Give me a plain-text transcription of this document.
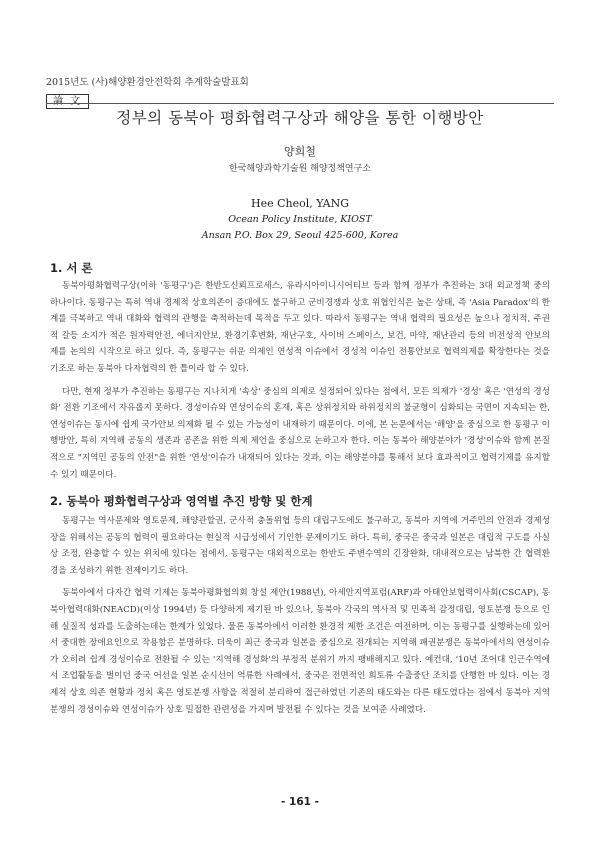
2015년도 (사)해양환경안전학회 추계학술발표회
論 文
정부의 동북아 평화협력구상과 해양을 통한 이행방안
양희철
한국해양과학기술원 해양정책연구소
Hee Cheol, YANG
Ocean Policy Institute, KIOST
Ansan P.O. Box 29, Seoul 425-600, Korea
1. 서 론

동북아평화협력구상(이하 '동평구')은 한반도신뢰프로세스, 유라시아이니시어티브 등과 함께 정부가 추진하는 3대 외교정책 중의 하나이다. 동평구는 특히 역내 경제적 상호의존이 증대에도 불구하고 군비경쟁과 상호 위협인식은 높은 상태, 즉 'Asia Paradox'의 한계를 극복하고 역내 대화와 협력의 관행을 축적하는데 목적을 두고 있다. 따라서 동평구는 역내 협력의 필요성은 높으나 정치적, 주권적 갈등 소지가 적은 원자력안전, 에너지안보, 환경기후변화, 재난구호, 사이버 스페이스, 보건, 마약, 재난관리 등의 비전성적 안보의제를 논의의 시작으로 하고 있다. 즉, 동평구는 쉬운 의제인 연성적 이슈에서 경성적 이슈인 전통안보로 협력의제를 확장한다는 것을 기조로 하는 동북아 다자협력의 한 틀이라 할 수 있다.

다만, 현재 정부가 추진하는 동평구는 지나치게 '속상' 중심의 의제로 설정되어 있다는 점에서, 모든 의제가 '경성' 혹은 '연성의 경성화' 전환 기조에서 자유롭지 못하다. 경성이슈와 연성이슈의 혼재, 혹은 상위정치와 하위정치의 불균형이 심화되는 국면이 지속되는 한, 연성이슈는 동시에 쉽게 국가안보 의제화 될 수 있는 가능성이 내재하기 때문이다. 이에, 본 논문에서는 '해양'을 중심으로 한 동평구 이행방안, 특히 지역해 공동의 생존과 공존을 위한 의제 제언을 중심으로 논하고자 한다. 이는 동북아 해양분야가 '경성'이슈와 함께 본질적으로 "지역민 공동의 안전"을 위한 '연성'이슈가 내재되어 있다는 것과, 이는 해양분야를 통해서 보다 효과적이고 협력기제를 유지할 수 있기 때문이다.

2. 동북아 평화협력구상과 영역별 추진 방향 및 한계

동평구는 역사문제와 영토문제, 해양관할권, 군사적 충돌위협 등의 대립구도에도 불구하고, 동북아 지역에 거주민의 안전과 경제성장을 위해서는 공동의 협력이 필요하다는 현실적 시급성에서 기인한 문제이기도 하다. 특히, 중국은 중국과 일본은 대립적 구도를 사실상 조정, 완충할 수 있는 위치에 있다는 점에서, 동평구는 대외적으로는 한반도 주변수역의 긴장완화, 대내적으로는 남북한 간 협력환경을 조성하기 위한 전제이기도 하다.

동북아에서 다자간 협력 기제는 동북아평화협의회 창설 제안(1988년), 아세안지역포럼(ARF)과 아태안보협력이사회(CSCAP), 동북아협력대화(NEACD)(이상 1994년) 등 다양하게 제기된 바 있으나, 동북아 각국의 역사적 및 민족적 감정대립, 영토분쟁 등으로 인해 실질적 성과를 도출하는데는 한계가 있었다. 물론 동북아에서 이러한 환경적 제한 조건은 여전하며, 이는 동평구를 실행하는데 있어서 중대한 장애요인으로 작용함은 분명하다. 더욱이 최근 중국과 일본을 중심으로 전개되는 지역해 패권분쟁은 동북아에서의 연성이슈가 오히려 쉽게 경성이슈로 전환될 수 있는 '지역해 경성화'의 부정적 분위기 까지 팽배해지고 있다. 예컨대, '10년 조어대 인근수역에서 조업활동을 벌이던 중국 어선을 일본 순시선이 억류한 사례에서, 중국은 전면적인 희토류 수출중단 조치를 단행한 바 있다. 이는 경제적 상호 의존 현황과 정치 혹은 영토분쟁 사항을 적절히 분리하여 접근하였던 기존의 태도와는 다른 태도였다는 점에서 동북아 지역 분쟁의 경성이슈와 연성이슈가 상호 밀접한 관련성을 가지며 발전될 수 있다는 것을 보여준 사례였다.

- 161 -
